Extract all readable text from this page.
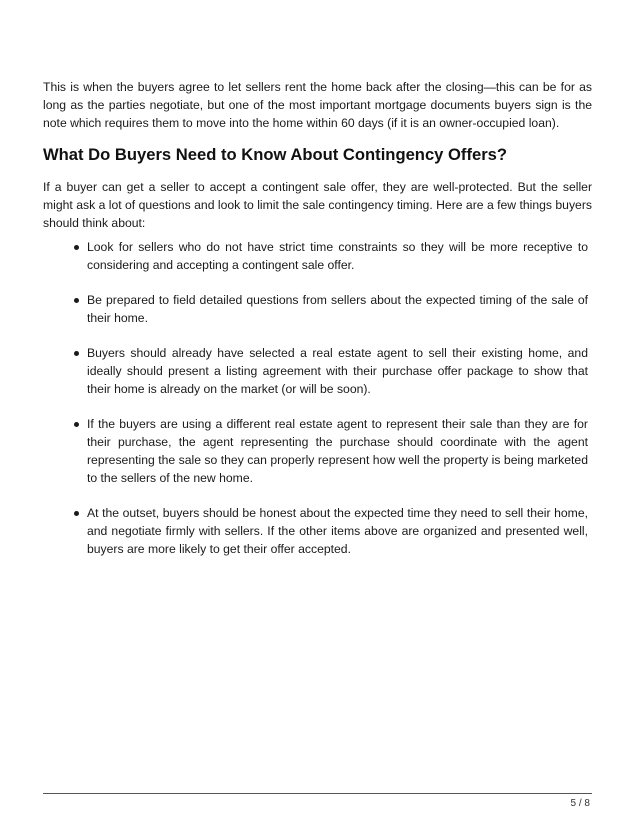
This is when the buyers agree to let sellers rent the home back after the closing—this can be for as long as the parties negotiate, but one of the most important mortgage documents buyers sign is the note which requires them to move into the home within 60 days (if it is an owner-occupied loan).

What Do Buyers Need to Know About Contingency Offers?

If a buyer can get a seller to accept a contingent sale offer, they are well-protected. But the seller might ask a lot of questions and look to limit the sale contingency timing. Here are a few things buyers should think about:

Look for sellers who do not have strict time constraints so they will be more receptive to considering and accepting a contingent sale offer.
Be prepared to field detailed questions from sellers about the expected timing of the sale of their home.
Buyers should already have selected a real estate agent to sell their existing home, and ideally should present a listing agreement with their purchase offer package to show that their home is already on the market (or will be soon).
If the buyers are using a different real estate agent to represent their sale than they are for their purchase, the agent representing the purchase should coordinate with the agent representing the sale so they can properly represent how well the property is being marketed to the sellers of the new home.
At the outset, buyers should be honest about the expected time they need to sell their home, and negotiate firmly with sellers. If the other items above are organized and presented well, buyers are more likely to get their offer accepted.
5 / 8
